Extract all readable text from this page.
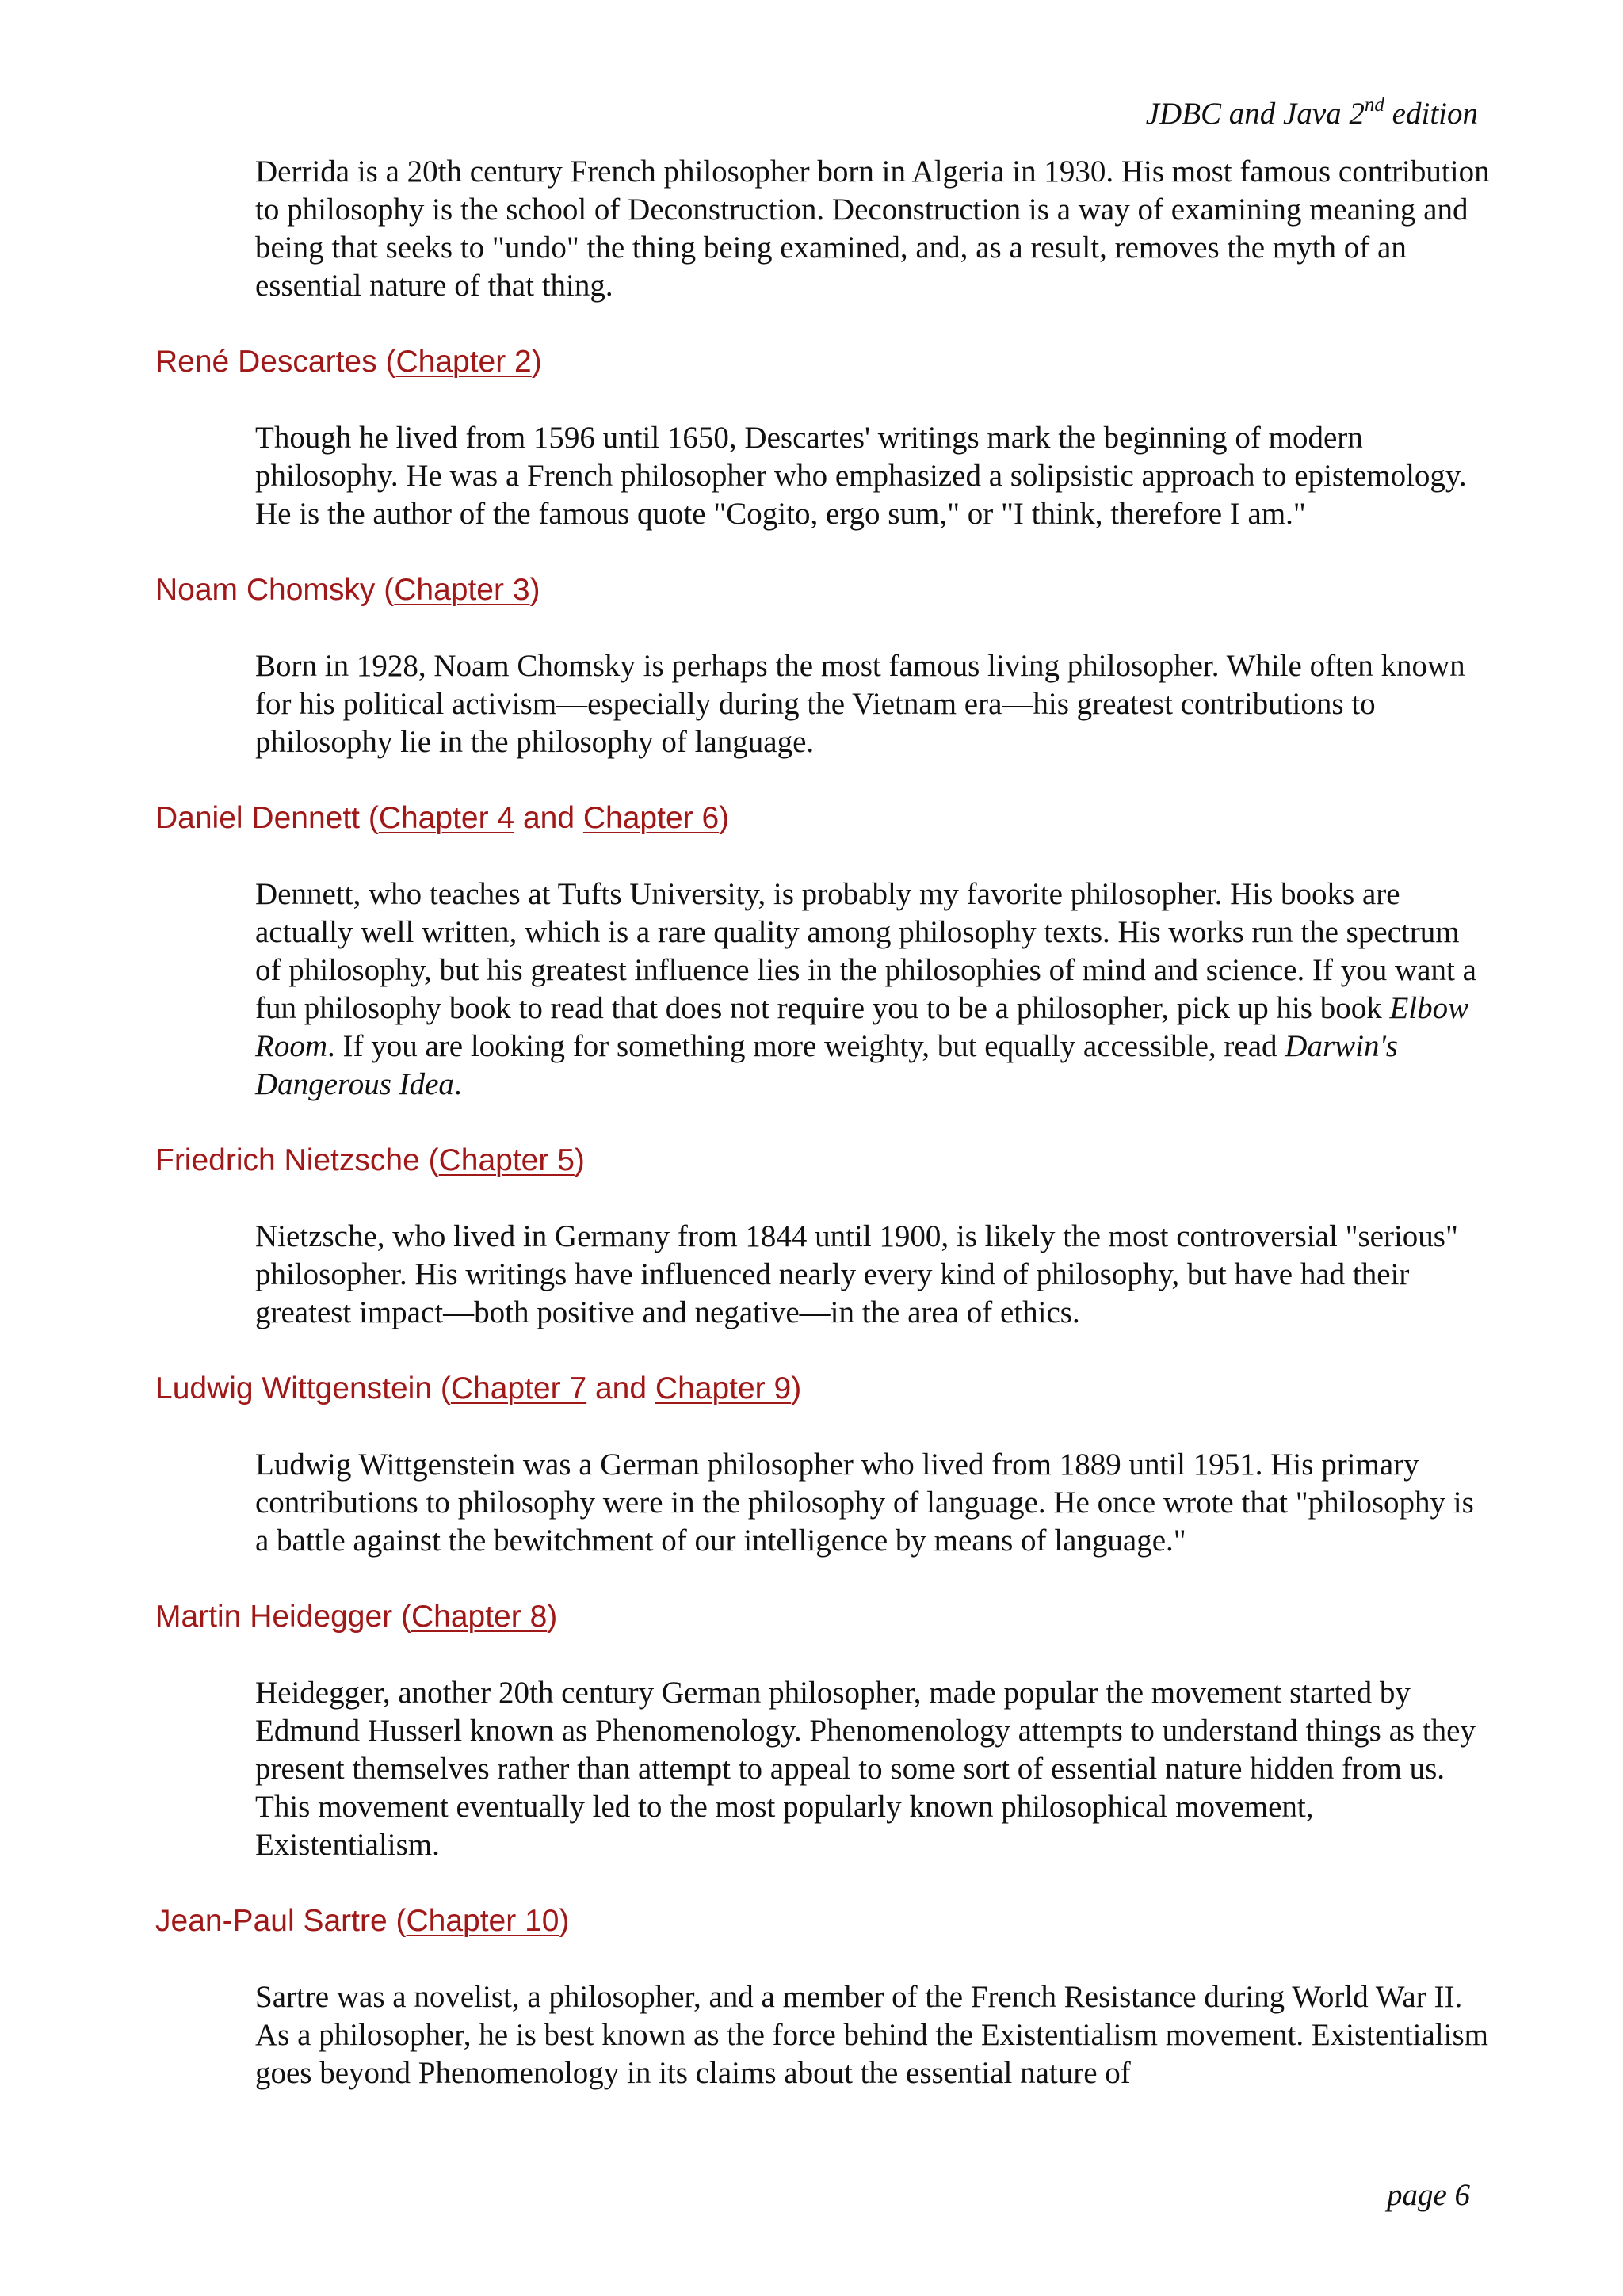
JDBC and Java 2nd edition

Derrida is a 20th century French philosopher born in Algeria in 1930. His most famous contribution to philosophy is the school of Deconstruction. Deconstruction is a way of examining meaning and being that seeks to "undo" the thing being examined, and, as a result, removes the myth of an essential nature of that thing.

René Descartes (Chapter 2)

Though he lived from 1596 until 1650, Descartes' writings mark the beginning of modern philosophy. He was a French philosopher who emphasized a solipsistic approach to epistemology. He is the author of the famous quote "Cogito, ergo sum," or "I think, therefore I am."

Noam Chomsky (Chapter 3)

Born in 1928, Noam Chomsky is perhaps the most famous living philosopher. While often known for his political activism—especially during the Vietnam era—his greatest contributions to philosophy lie in the philosophy of language.

Daniel Dennett (Chapter 4 and Chapter 6)

Dennett, who teaches at Tufts University, is probably my favorite philosopher. His books are actually well written, which is a rare quality among philosophy texts. His works run the spectrum of philosophy, but his greatest influence lies in the philosophies of mind and science. If you want a fun philosophy book to read that does not require you to be a philosopher, pick up his book Elbow Room. If you are looking for something more weighty, but equally accessible, read Darwin's Dangerous Idea.

Friedrich Nietzsche (Chapter 5)

Nietzsche, who lived in Germany from 1844 until 1900, is likely the most controversial "serious" philosopher. His writings have influenced nearly every kind of philosophy, but have had their greatest impact—both positive and negative—in the area of ethics.

Ludwig Wittgenstein (Chapter 7 and Chapter 9)

Ludwig Wittgenstein was a German philosopher who lived from 1889 until 1951. His primary contributions to philosophy were in the philosophy of language. He once wrote that "philosophy is a battle against the bewitchment of our intelligence by means of language."

Martin Heidegger (Chapter 8)

Heidegger, another 20th century German philosopher, made popular the movement started by Edmund Husserl known as Phenomenology. Phenomenology attempts to understand things as they present themselves rather than attempt to appeal to some sort of essential nature hidden from us. This movement eventually led to the most popularly known philosophical movement, Existentialism.

Jean-Paul Sartre (Chapter 10)

Sartre was a novelist, a philosopher, and a member of the French Resistance during World War II. As a philosopher, he is best known as the force behind the Existentialism movement. Existentialism goes beyond Phenomenology in its claims about the essential nature of

page 6
